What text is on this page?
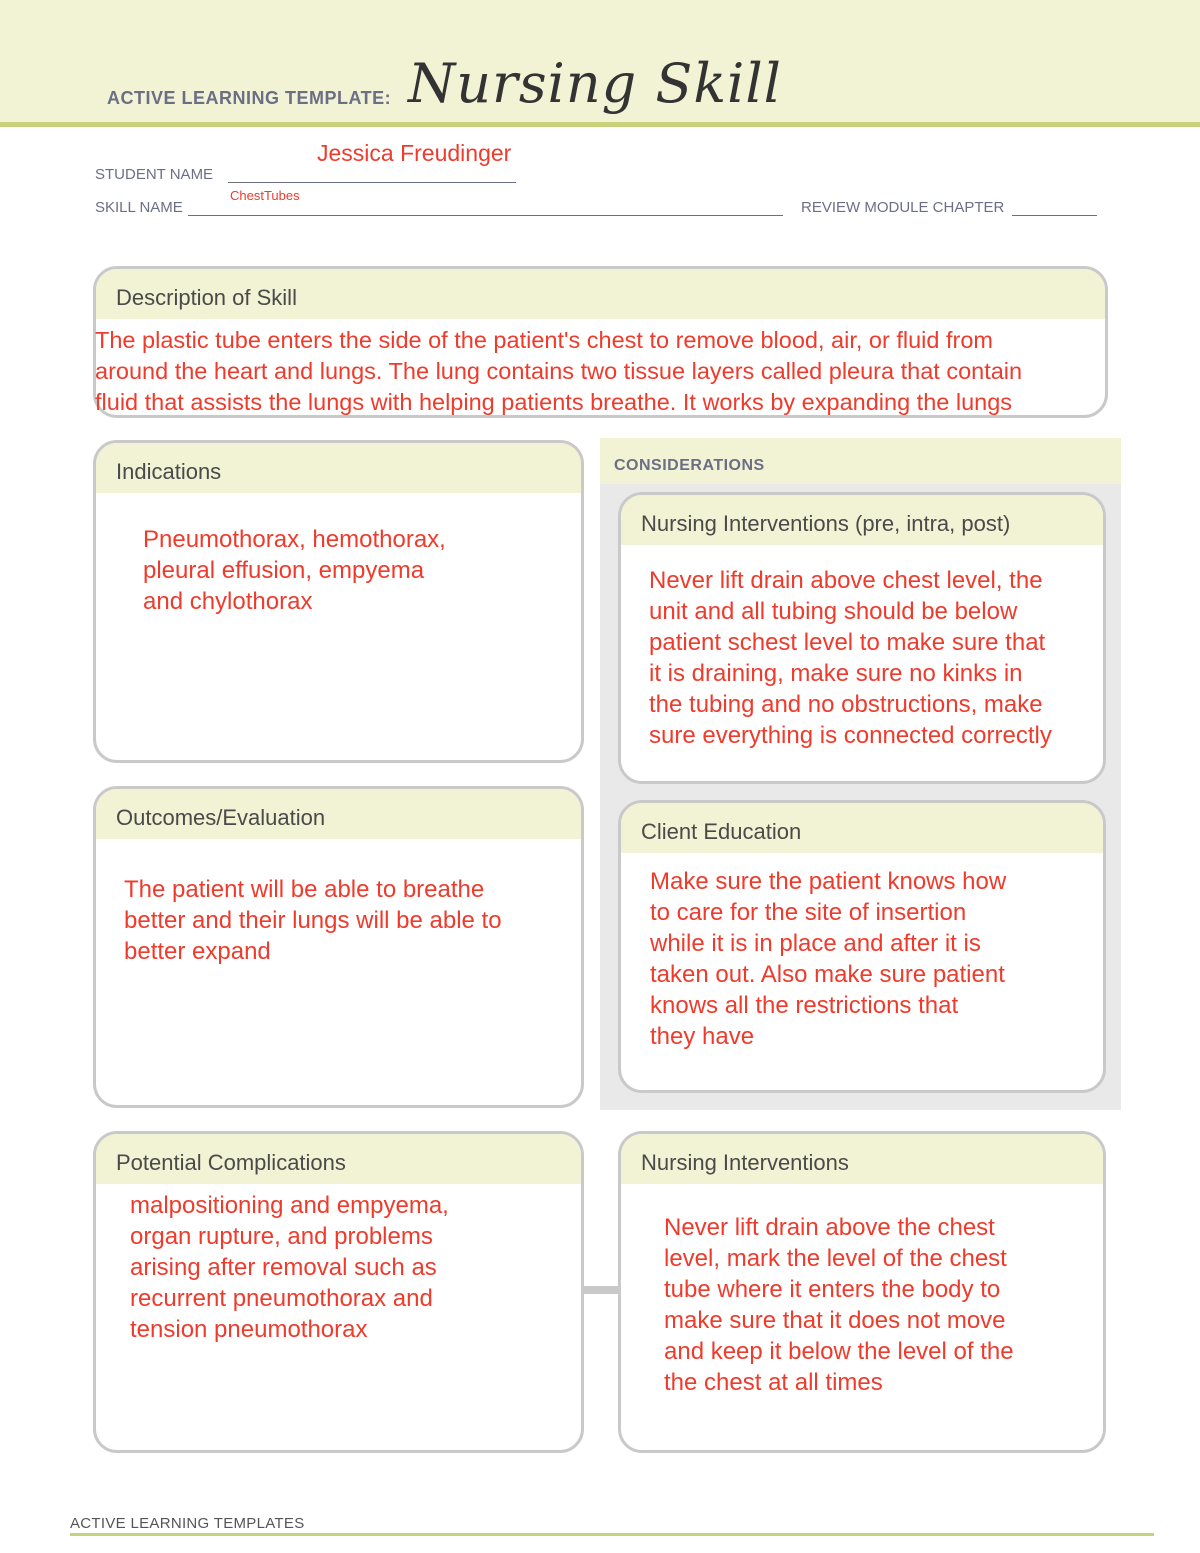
ACTIVE LEARNING TEMPLATE: Nursing Skill
STUDENT NAME
Jessica Freudinger
SKILL NAME
ChestTubes
REVIEW MODULE CHAPTER
Description of Skill
The plastic tube enters the side of the patient's chest to remove blood, air, or fluid from
around the heart and lungs. The lung contains two tissue layers called pleura that contain
fluid that assists the lungs with helping patients breathe. It works by expanding the lungs
Indications
Pneumothorax, hemothorax,
pleural effusion, empyema
and chylothorax
Outcomes/Evaluation
The patient will be able to breathe
better and their lungs will be able to
better expand
CONSIDERATIONS
Nursing Interventions (pre, intra, post)
Never lift drain above chest level, the
unit and all tubing should be below
patient schest level to make sure that
it is draining, make sure no kinks in
the tubing and no obstructions, make
sure everything is connected correctly
Client Education
Make sure the patient knows how
to care for the site of insertion
while it is in place and after it is
taken out. Also make sure patient
knows all the restrictions that
they have
Potential Complications
malpositioning and empyema,
organ rupture, and problems
arising after removal such as
recurrent pneumothorax and
tension pneumothorax
Nursing Interventions
Never lift drain above the chest
level, mark the level of the chest
tube where it enters the body to
make sure that it does not move
and keep it below the level of the
the chest at all times
ACTIVE LEARNING TEMPLATES
